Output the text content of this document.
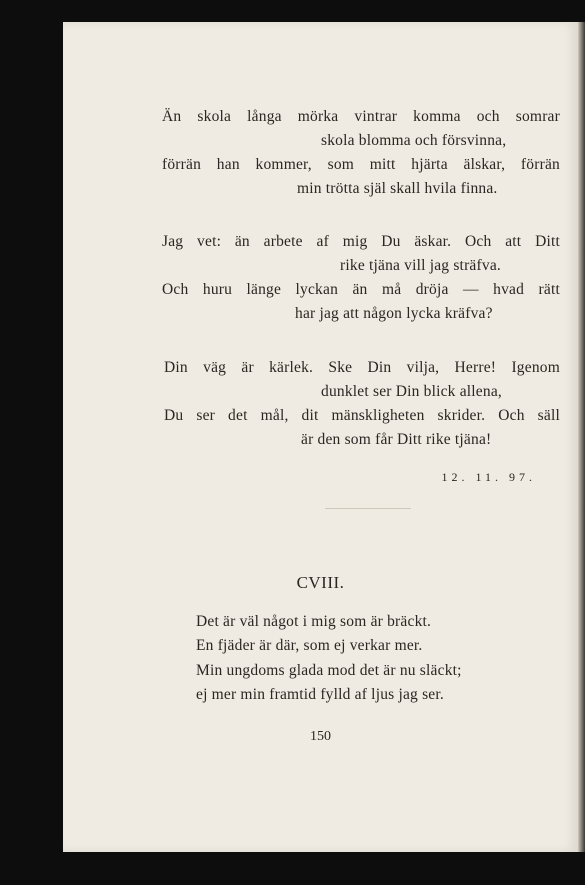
Än skola långa mörka vintrar komma och somrar
skola blomma och försvinna,
förrän han kommer, som mitt hjärta älskar, förrän
min trötta själ skall hvila finna.
Jag vet: än arbete af mig Du äskar. Och att Ditt
rike tjäna vill jag sträfva.
Och huru länge lyckan än må dröja — hvad rätt
har jag att någon lycka kräfva?
Din väg är kärlek. Ske Din vilja, Herre! Igenom
dunklet ser Din blick allena,
Du ser det mål, dit mänskligheten skrider. Och säll
är den som får Ditt rike tjäna!
12. 11. 97.
CVIII.
Det är väl något i mig som är bräckt.
En fjäder är där, som ej verkar mer.
Min ungdoms glada mod det är nu släckt;
ej mer min framtid fylld af ljus jag ser.
150
